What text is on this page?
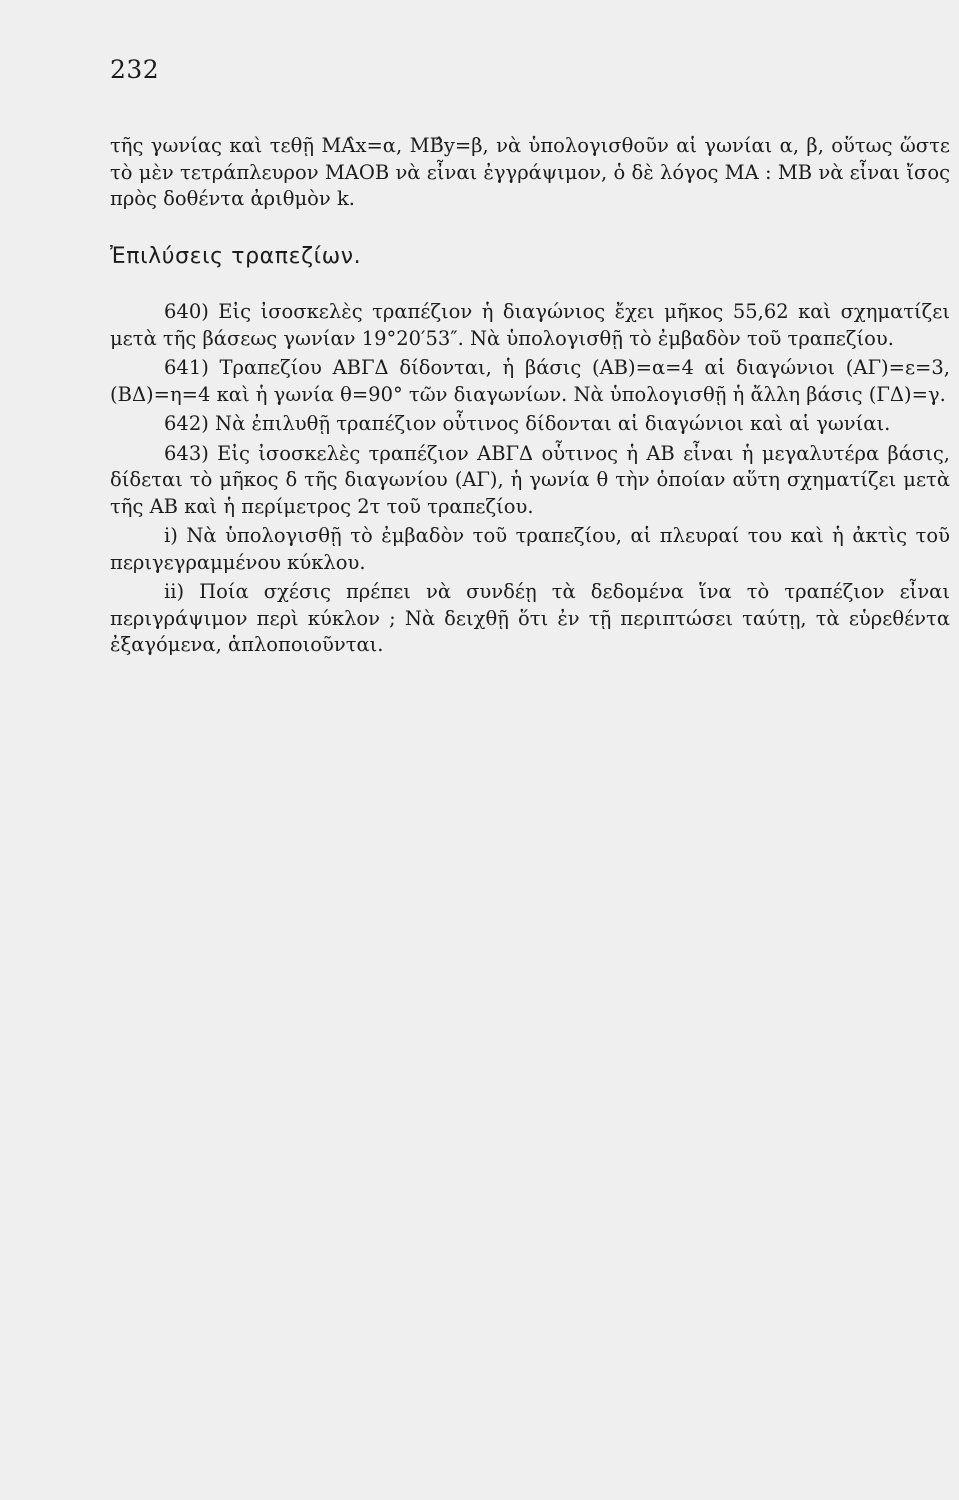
232

τῆς γωνίας καὶ τεθῇ ΜΑ̂x=α, ΜΒ̂y=β, νὰ ὑπολογισθοῦν αἱ γωνίαι α, β, οὕτως ὥστε τὸ μὲν τετράπλευρον ΜΑΟΒ νὰ εἶναι ἐγγράψιμον, ὁ δὲ λόγος ΜΑ : ΜΒ νὰ εἶναι ἴσος πρὸς δοθέντα ἀριθμὸν k.

Ἐπιλύσεις τραπεζίων.

640) Εἰς ἰσοσκελὲς τραπέζιον ἡ διαγώνιος ἔχει μῆκος 55,62 καὶ σχηματίζει μετὰ τῆς βάσεως γωνίαν 19°20′53″. Νὰ ὑπολογισθῇ τὸ ἐμβαδὸν τοῦ τραπεζίου.

641) Τραπεζίου ΑΒΓΔ δίδονται, ἡ βάσις (ΑΒ)=α=4 αἱ διαγώνιοι (ΑΓ)=ε=3, (ΒΔ)=η=4 καὶ ἡ γωνία θ=90° τῶν διαγωνίων. Νὰ ὑπολογισθῇ ἡ ἄλλη βάσις (ΓΔ)=γ.

642) Νὰ ἐπιλυθῇ τραπέζιον οὗτινος δίδονται αἱ διαγώνιοι καὶ αἱ γωνίαι.

643) Εἰς ἰσοσκελὲς τραπέζιον ΑΒΓΔ οὗτινος ἡ ΑΒ εἶναι ἡ μεγαλυτέρα βάσις, δίδεται τὸ μῆκος δ τῆς διαγωνίου (ΑΓ), ἡ γωνία θ τὴν ὁποίαν αὕτη σχηματίζει μετὰ τῆς ΑΒ καὶ ἡ περίμετρος 2τ τοῦ τραπεζίου.

i) Νὰ ὑπολογισθῇ τὸ ἐμβαδὸν τοῦ τραπεζίου, αἱ πλευραί του καὶ ἡ ἀκτὶς τοῦ περιγεγραμμένου κύκλου.

ii) Ποία σχέσις πρέπει νὰ συνδέῃ τὰ δεδομένα ἵνα τὸ τραπέζιον εἶναι περιγράψιμον περὶ κύκλον ; Νὰ δειχθῇ ὅτι ἐν τῇ περιπτώσει ταύτῃ, τὰ εὑρεθέντα ἐξαγόμενα, ἁπλοποιοῦνται.
